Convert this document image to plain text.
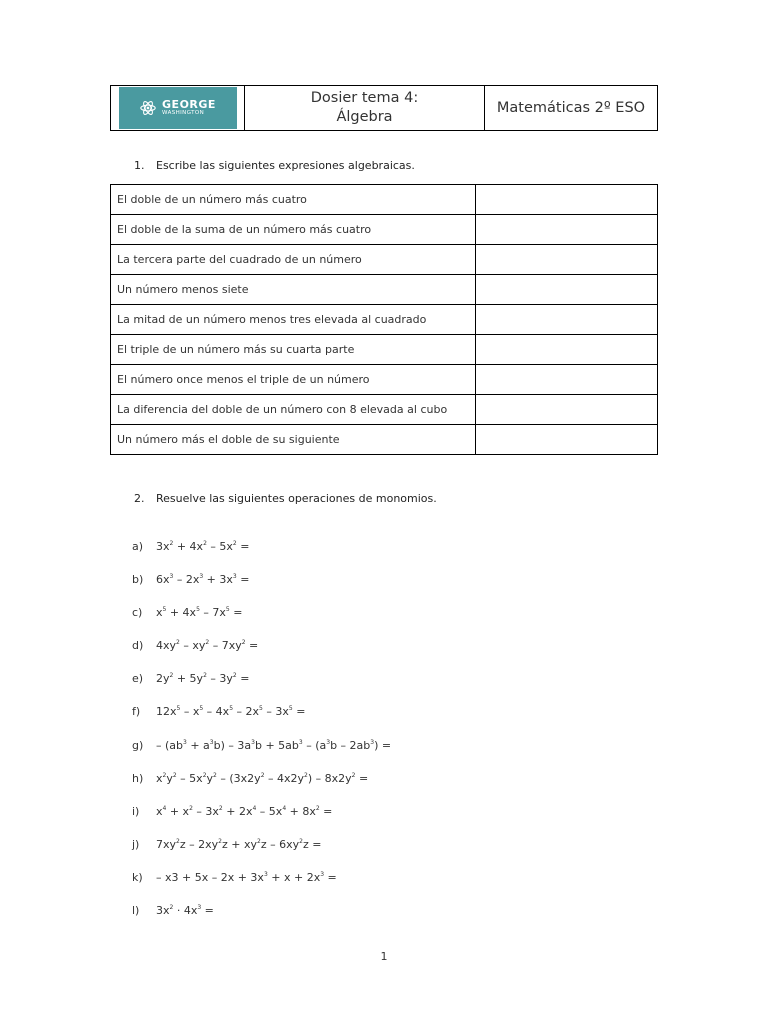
GEORGE
WASHINGTON
Dosier tema 4:
Álgebra
Matemáticas 2º ESO
1. Escribe las siguientes expresiones algebraicas.
El doble de un número más cuatro	
El doble de la suma de un número más cuatro	
La tercera parte del cuadrado de un número	
Un número menos siete	
La mitad de un número menos tres elevada al cuadrado	
El triple de un número más su cuarta parte	
El número once menos el triple de un número	
La diferencia del doble de un número con 8 elevada al cubo	
Un número más el doble de su siguiente	
2. Resuelve las siguientes operaciones de monomios.
a)	$3x^2 + 4x^2 - 5x^2$ =
b)	$6x^3 - 2x^3 + 3x^3$ =
c)	$x^5 + 4x^5 - 7x^5$ =
d)	$4xy^2 - xy^2 - 7xy^2$ =
e)	$2y^2 + 5y^2 - 3y^2$ =
f)	$12x^5 - x^5 - 4x^5 - 2x^5 - 3x^5$ =
g)	– $(ab^3 + a^3b) - 3a^3b + 5ab^3 - (a^3b - 2ab^3)$ =
h)	$x^2y^2 - 5x^2y^2 - (3x2y^2 - 4x2y^2) - 8x2y^2$ =
i)	$x^4 + x^2 - 3x^2 + 2x^4 - 5x^4 + 8x^2$ =
j)	$7xy^2z - 2xy^2z + xy^2z - 6xy^2z$ =
k)	– $x3 + 5x - 2x + 3x^3 + x + 2x^3$ =
l)	$3x^2 \cdot 4x^3$ =
1
